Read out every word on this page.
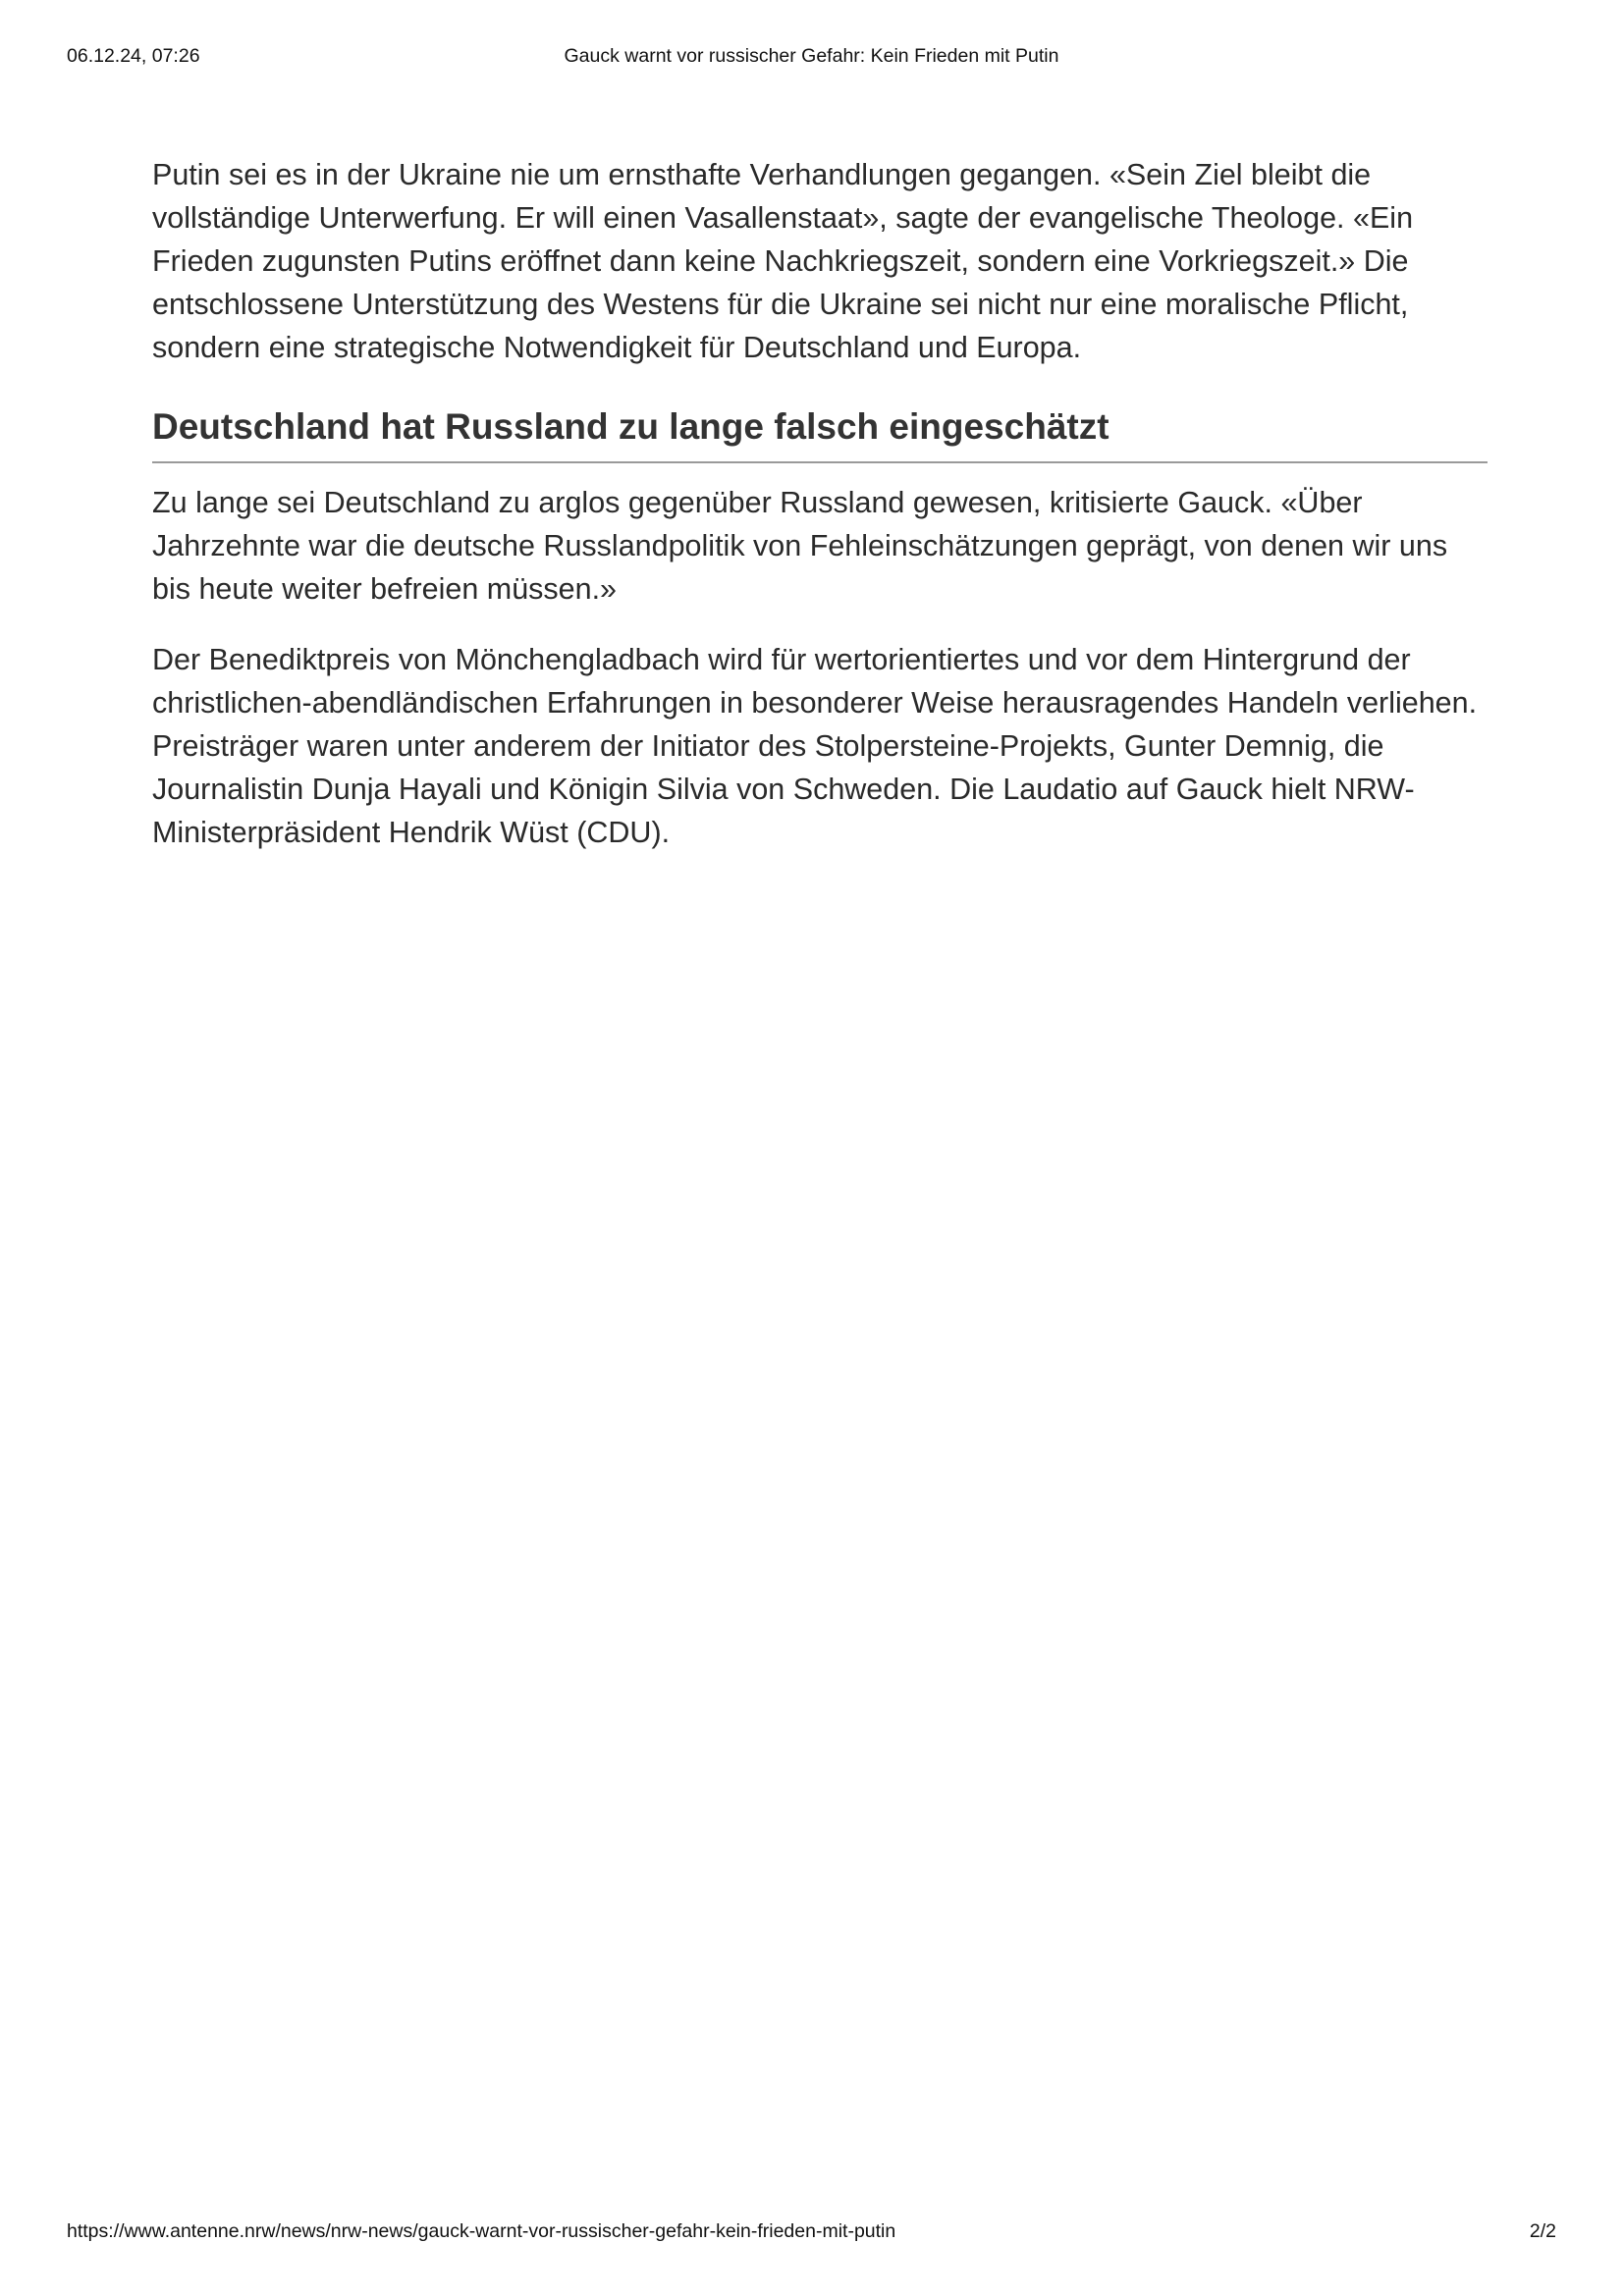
06.12.24, 07:26	Gauck warnt vor russischer Gefahr: Kein Frieden mit Putin

Putin sei es in der Ukraine nie um ernsthafte Verhandlungen gegangen. «Sein Ziel bleibt die vollständige Unterwerfung. Er will einen Vasallenstaat», sagte der evangelische Theologe. «Ein Frieden zugunsten Putins eröffnet dann keine Nachkriegszeit, sondern eine Vorkriegszeit.» Die entschlossene Unterstützung des Westens für die Ukraine sei nicht nur eine moralische Pflicht, sondern eine strategische Notwendigkeit für Deutschland und Europa.

Deutschland hat Russland zu lange falsch eingeschätzt

Zu lange sei Deutschland zu arglos gegenüber Russland gewesen, kritisierte Gauck. «Über Jahrzehnte war die deutsche Russlandpolitik von Fehleinschätzungen geprägt, von denen wir uns bis heute weiter befreien müssen.»

Der Benediktpreis von Mönchengladbach wird für wertorientiertes und vor dem Hintergrund der christlichen-abendländischen Erfahrungen in besonderer Weise herausragendes Handeln verliehen. Preisträger waren unter anderem der Initiator des Stolpersteine-Projekts, Gunter Demnig, die Journalistin Dunja Hayali und Königin Silvia von Schweden. Die Laudatio auf Gauck hielt NRW- Ministerpräsident Hendrik Wüst (CDU).

https://www.antenne.nrw/news/nrw-news/gauck-warnt-vor-russischer-gefahr-kein-frieden-mit-putin	2/2
